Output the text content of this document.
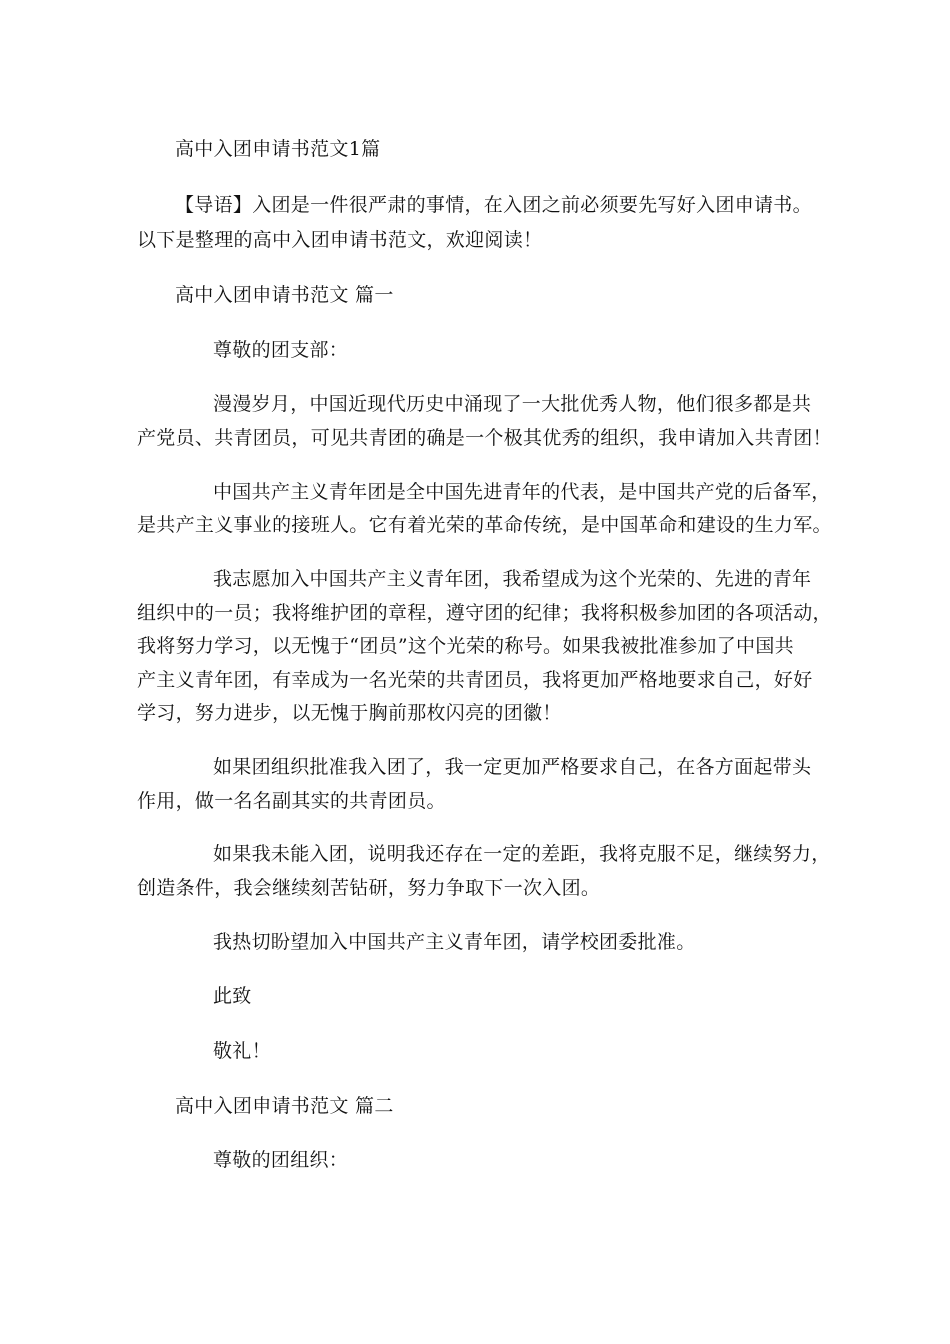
高中入团申请书范文1篇
【导语】入团是一件很严肃的事情，在入团之前必须要先写好入团申请书。
以下是整理的高中入团申请书范文，欢迎阅读！
高中入团申请书范文 篇一
尊敬的团支部：
漫漫岁月，中国近现代历史中涌现了一大批优秀人物，他们很多都是共
产党员、共青团员，可见共青团的确是一个极其优秀的组织，我申请加入共青团！
中国共产主义青年团是全中国先进青年的代表，是中国共产党的后备军，
是共产主义事业的接班人。它有着光荣的革命传统，是中国革命和建设的生力军。
我志愿加入中国共产主义青年团，我希望成为这个光荣的、先进的青年
组织中的一员；我将维护团的章程，遵守团的纪律；我将积极参加团的各项活动，
我将努力学习，以无愧于“团员”这个光荣的称号。如果我被批准参加了中国共
产主义青年团，有幸成为一名光荣的共青团员，我将更加严格地要求自己，好好
学习，努力进步，以无愧于胸前那枚闪亮的团徽！
如果团组织批准我入团了，我一定更加严格要求自己，在各方面起带头
作用，做一名名副其实的共青团员。
如果我未能入团，说明我还存在一定的差距，我将克服不足，继续努力，
创造条件，我会继续刻苦钻研，努力争取下一次入团。
我热切盼望加入中国共产主义青年团，请学校团委批准。
此致
敬礼！
高中入团申请书范文 篇二
尊敬的团组织：
